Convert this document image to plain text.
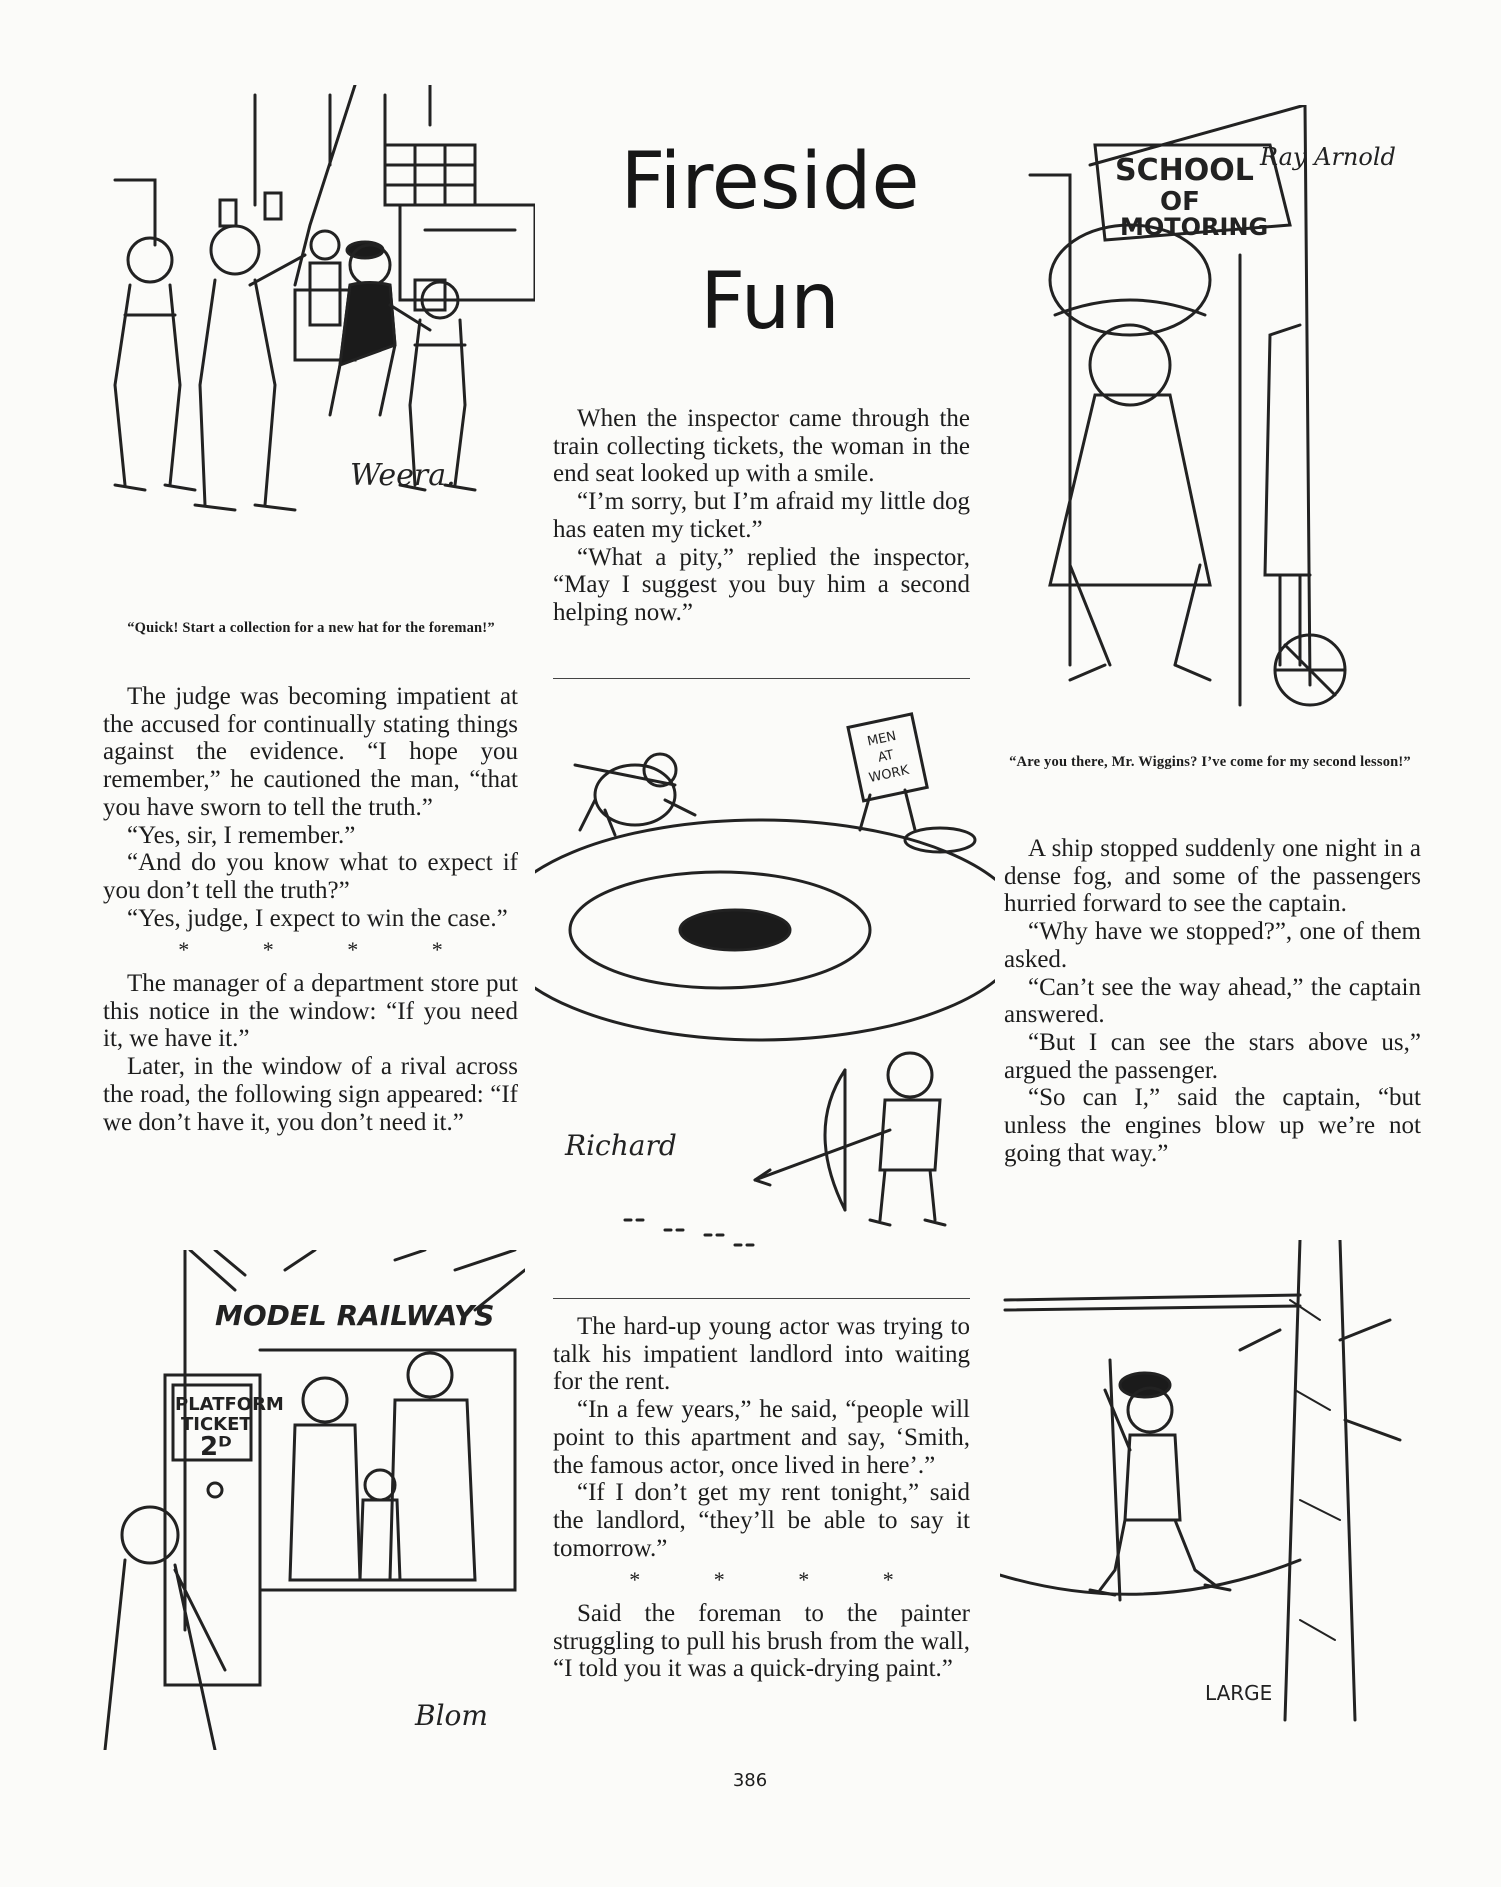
Weera.
“Quick! Start a collection for a new hat for the foreman!”
Fireside
Fun

When the inspector came through the train collecting tickets, the woman in the end seat looked up with a smile.

“I’m sorry, but I’m afraid my little dog has eaten my ticket.”

“What a pity,” replied the inspector, “May I suggest you buy him a second helping now.”

Richard
MEN
AT
WORK

The hard-up young actor was trying to talk his impatient landlord into waiting for the rent.

“In a few years,” he said, “people will point to this apartment and say, ‘Smith, the famous actor, once lived in here’.”

“If I don’t get my rent tonight,” said the landlord, “they’ll be able to say it tomorrow.”

* * * *

Said the foreman to the painter struggling to pull his brush from the wall, “I told you it was a quick-drying paint.”

The judge was becoming impatient at the accused for continually stating things against the evidence. “I hope you remember,” he cautioned the man, “that you have sworn to tell the truth.”

“Yes, sir, I remember.”

“And do you know what to expect if you don’t tell the truth?”

“Yes, judge, I expect to win the case.”

* * * *

The manager of a department store put this notice in the window: “If you need it, we have it.”

Later, in the window of a rival across the road, the following sign appeared: “If we don’t have it, you don’t need it.”

MODEL RAILWAYS
PLATFORM
TICKET
2ᴰ
Blom
SCHOOL
OF
MOTORING
Ray Arnold
“Are you there, Mr. Wiggins? I’ve come for my second lesson!”

A ship stopped suddenly one night in a dense fog, and some of the passengers hurried forward to see the captain.

“Why have we stopped?”, one of them asked.

“Can’t see the way ahead,” the captain answered.

“But I can see the stars above us,” argued the passenger.

“So can I,” said the captain, “but unless the engines blow up we’re not going that way.”

LARGE
386
